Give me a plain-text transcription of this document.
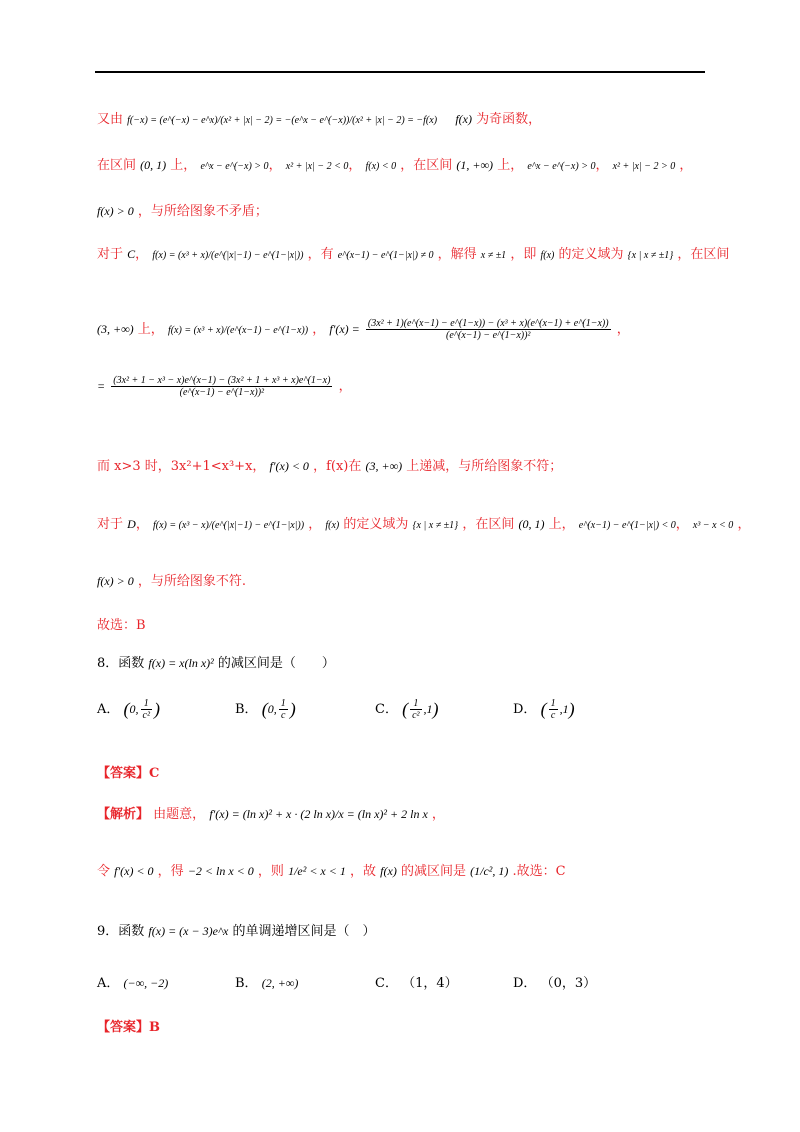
又由 f(−x) = (e^(−x) − e^x)/(x² + |x| − 2) = −(e^x − e^(−x))/(x² + |x| − 2) = −f(x) f(x) 为奇函数，
在区间 (0, 1) 上， e^x − e^(−x) > 0， x² + |x| − 2 < 0， f(x) < 0 ，在区间 (1, +∞) 上， e^x − e^(−x) > 0， x² + |x| − 2 > 0 ，
f(x) > 0 ，与所给图象不矛盾；
对于 C， f(x) = (x³ + x)/(e^(|x|−1) − e^(1−|x|)) ，有 e^(x−1) − e^(1−|x|) ≠ 0 ，解得 x ≠ ±1 ，即 f(x) 的定义域为 {x | x ≠ ±1} ，在区间
(3, +∞) 上， f(x) = (x³ + x)/(e^(x−1) − e^(1−x)) ， $f'(x) = \frac{\text{(3x² + 1)(e\textasciicircum{}(x−1) − e\textasciicircum{}(1−x)) − (x³ + x)(e\textasciicircum{}(x−1) + e\textasciicircum{}(1−x))}}{\text{(e\textasciicircum{}(x−1) − e\textasciicircum{}(1−x))²}}$ ，
= $\frac{\text{(3x² + 1 − x³ − x)e\textasciicircum{}(x−1) − (3x² + 1 + x³ + x)e\textasciicircum{}(1−x)}}{\text{(e\textasciicircum{}(x−1) − e\textasciicircum{}(1−x))²}}$ ，
而 x>3 时，3x²+1<x³+x， f′(x) < 0 ，f(x)在 (3, +∞) 上递减，与所给图象不符；
对于 D， f(x) = (x³ − x)/(e^(|x|−1) − e^(1−|x|)) ， f(x) 的定义域为 {x | x ≠ ±1} ，在区间 (0, 1) 上， e^(x−1) − e^(1−|x|) < 0， x³ − x < 0 ，
f(x) > 0 ，与所给图象不符.
故选：B
8．函数 f(x) = x(ln x)² 的减区间是（　　）
A． (0, $\frac{1}{\text{c²}}$ )	B． (0, $\frac{1}{c}$ )	C． ( $\frac{1}{\text{c²}} ,1$)	D． ( $\frac{1}{c} ,1$)
【答案】C
【解析】 由题意， f′(x) = (ln x)² + x · (2 ln x)/x = (ln x)² + 2 ln x ，
令 f′(x) < 0 ，得 −2 < ln x < 0 ，则 1/e² < x < 1 ，故 f(x) 的减区间是 (1/c², 1) .故选：C
9．函数 f(x) = (x − 3)e^x 的单调递增区间是（　）
A． (−∞, −2)	B． (2, +∞)	C． （1，4）	D． （0，3）
【答案】B
